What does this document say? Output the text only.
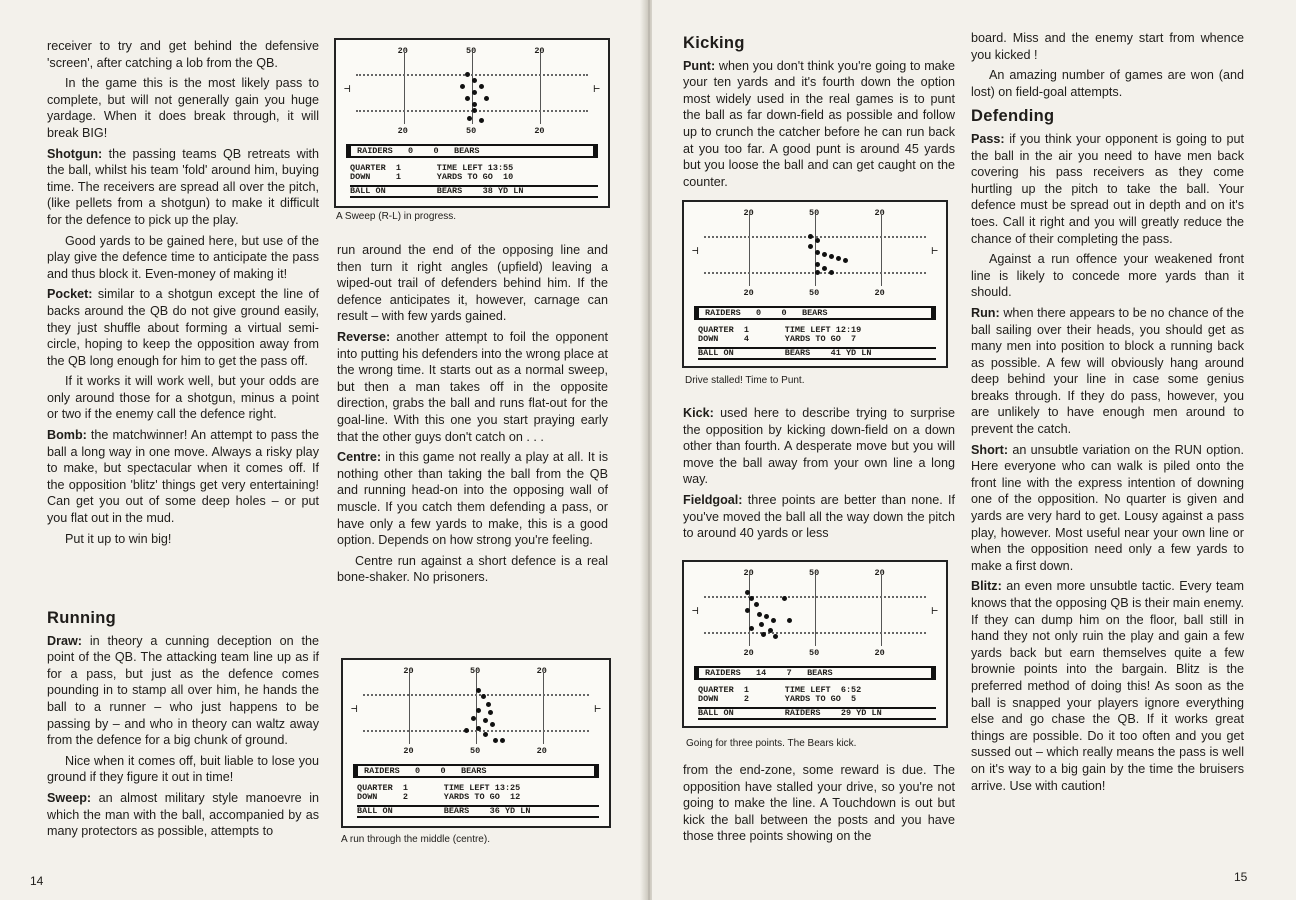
receiver to try and get behind the defensive 'screen', after catching a lob from the QB.

In the game this is the most likely pass to complete, but will not generally gain you huge yardage. When it does break through, it will break BIG!

Shotgun: the passing teams QB retreats with the ball, whilst his team 'fold' around him, buying time. The receivers are spread all over the pitch, (like pellets from a shotgun) to make it difficult for the defence to pick up the play.

Good yards to be gained here, but use of the play give the defence time to anticipate the pass and thus block it. Even-money of making it!

Pocket: similar to a shotgun except the line of backs around the QB do not give ground easily, they just shuffle about forming a virtual semi-circle, hoping to keep the opposition away from the QB long enough for him to get the pass off.

If it works it will work well, but your odds are only around those for a shotgun, minus a point or two if the enemy call the defence right.

Bomb: the matchwinner! An attempt to pass the ball a long way in one move. Always a risky play to make, but spectacular when it comes off. If the opposition 'blitz' things get very entertaining! Can get you out of some deep holes – or put you flat out in the mud.

Put it up to win big!

Running

Draw: in theory a cunning deception on the point of the QB. The attacking team line up as if for a pass, but just as the defence comes pounding in to stamp all over him, he hands the ball to a runner – who just happens to be passing by – and who in theory can waltz away from the defence for a big chunk of ground.

Nice when it comes off, buit liable to lose you ground if they figure it out in time!

Sweep: an almost military style manoevre in which the man with the ball, accompanied by as many protectors as possible, attempts to

20
20
50
50
20
20
⊣	⊢
RAIDERS 0 0 BEARS
QUARTER  1	TIME LEFT 13:55
DOWN     1	YARDS TO GO  10
BALL ON	BEARS 38 YD LN
A Sweep (R-L) in progress.

run around the end of the opposing line and then turn it right angles (upfield) leaving a wiped-out trail of defenders behind him. If the defence anticipates it, however, carnage can result – with few yards gained.

Reverse: another attempt to foil the opponent into putting his defenders into the wrong place at the wrong time. It starts out as a normal sweep, but then a man takes off in the opposite direction, grabs the ball and runs flat-out for the goal-line. With this one you start praying early that the other guys don't catch on . . .

Centre: in this game not really a play at all. It is nothing other than taking the ball from the QB and running head-on into the opposing wall of muscle. If you catch them defending a pass, or have only a few yards to make, this is a good option. Depends on how strong you're feeling.

Centre run against a short defence is a real bone-shaker. No prisoners.

20
20
50
50
20
20
⊣	⊢
RAIDERS 0 0 BEARS
QUARTER  1	TIME LEFT 13:25
DOWN     2	YARDS TO GO  12
BALL ON	BEARS 36 YD LN
A run through the middle (centre).
14
Kicking

Punt: when you don't think you're going to make your ten yards and it's fourth down the option most widely used in the real games is to punt the ball as far down-field as possible and follow up to crunch the catcher before he can run back at you too far. A good punt is around 45 yards but you loose the ball and can get caught on the counter.

20
20
50
50
20
20
⊣	⊢
RAIDERS 0 0 BEARS
QUARTER  1	TIME LEFT 12:19
DOWN     4	YARDS TO GO  7
BALL ON	BEARS 41 YD LN
Drive stalled! Time to Punt.

Kick: used here to describe trying to surprise the opposition by kicking down-field on a down other than fourth. A desperate move but you will move the ball away from your own line a long way.

Fieldgoal: three points are better than none. If you've moved the ball all the way down the pitch to around 40 yards or less

20
20
50
50
20
20
⊣	⊢
RAIDERS 14 7 BEARS
QUARTER  1	TIME LEFT  6:52
DOWN     2	YARDS TO GO  5
BALL ON	RAIDERS 29 YD LN
Going for three points. The Bears kick.

from the end-zone, some reward is due. The opposition have stalled your drive, so you're not going to make the line. A Touchdown is out but kick the ball between the posts and you have those three points showing on the

board. Miss and the enemy start from whence you kicked !

An amazing number of games are won (and lost) on field-goal attempts.

Defending

Pass: if you think your opponent is going to put the ball in the air you need to have men back covering his pass receivers as they come hurtling up the pitch to take the ball. Your defence must be spread out in depth and on it's toes. Call it right and you will greatly reduce the chance of their completing the pass.

Against a run offence your weakened front line is likely to concede more yards than it should.

Run: when there appears to be no chance of the ball sailing over their heads, you should get as many men into position to block a running back as possible. A few will obviously hang around deep behind your line in case some genius breaks through. If they do pass, however, you are unlikely to have enough men around to prevent the catch.

Short: an unsubtle variation on the RUN option. Here everyone who can walk is piled onto the front line with the express intention of downing one of the opposition. No quarter is given and yards are very hard to get. Lousy against a pass play, however. Most useful near your own line or when the opposition need only a few yards to make a first down.

Blitz: an even more unsubtle tactic. Every team knows that the opposing QB is their main enemy. If they can dump him on the floor, ball still in hand they not only ruin the play and gain a few yards back but earn themselves quite a few brownie points into the bargain. Blitz is the preferred method of doing this! As soon as the ball is snapped your players ignore everything else and go chase the QB. If it works great things are possible. Do it too often and you get sussed out – which really means the pass is well on it's way to a big gain by the time the bruisers arrive. Use with caution!

15
